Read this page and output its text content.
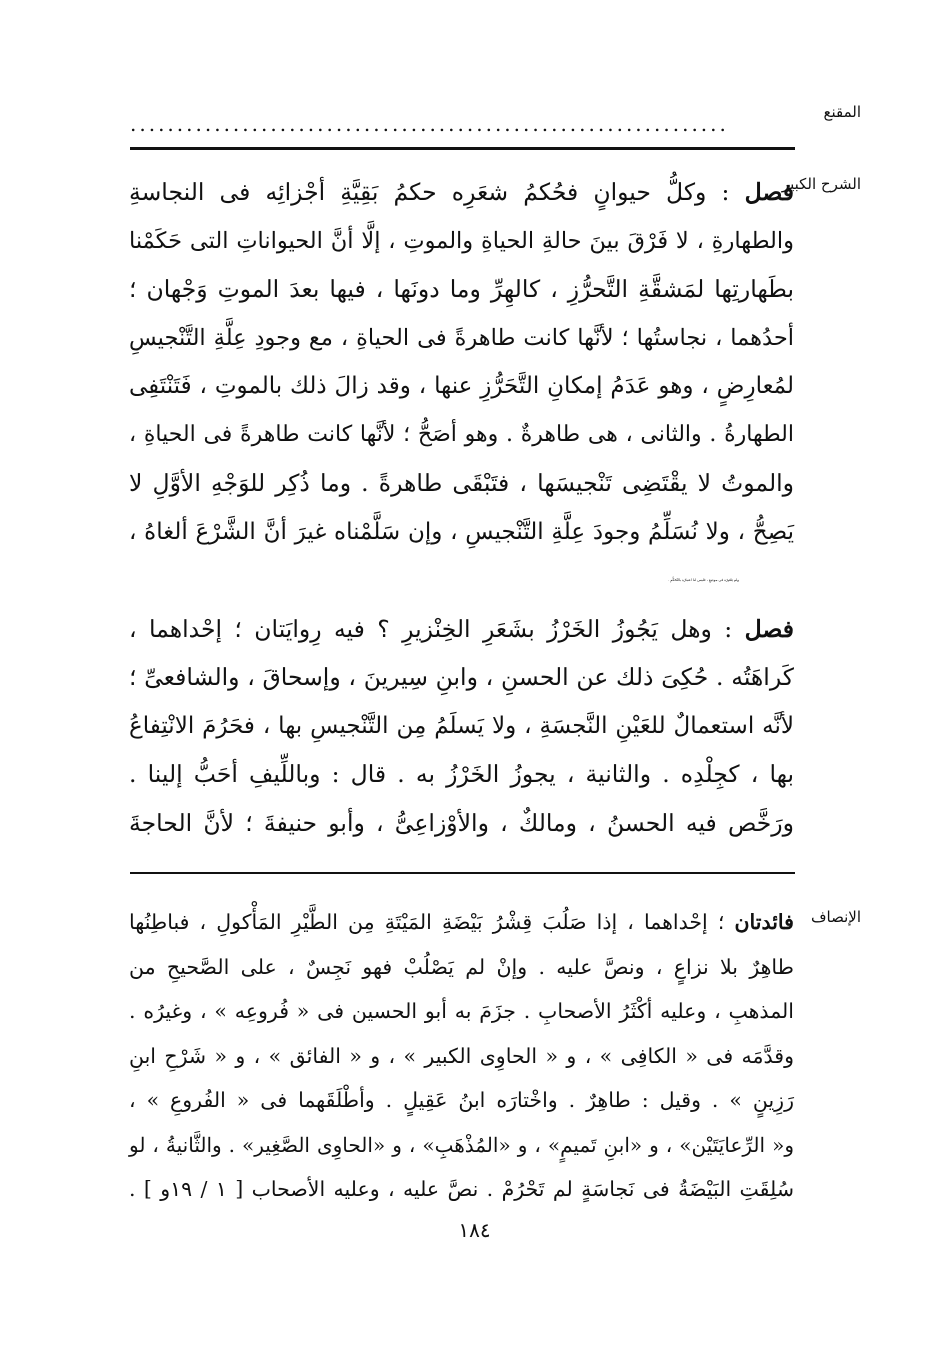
المقنع
................................................................
الشرح الكبير

فصل : وكلُّ حيوانٍ فحُكمُ شعَرِه حكمُ بَقِيَّةِ أجْزائِه فى النجاسةِ
والطهارةِ ، لا فَرْقَ بينَ حالةِ الحياةِ والموتِ ، إلَّا أنَّ الحيواناتِ التى حَكَمْنا
بطَهارتِها لمَشقَّةِ التَّحرُّزِ ، كالهِرِّ وما دونَها ، فيها بعدَ الموتِ وَجْهان ؛
أحدُهما ، نجاستُها ؛ لأنَّها كانت طاهرةً فى الحياةِ ، مع وجودِ عِلَّةِ التَّنْجيسِ
لمُعارِضٍ ، وهو عَدَمُ إمكانِ التَّحَرُّزِ عنها ، وقد زالَ ذلك بالموتِ ، فَتَنْتَفِى
الطهارةُ . والثانى ، هى طاهرةٌ . وهو أصَحُّ ؛ لأنَّها كانت طاهرةً فى الحياةِ ،
والموتُ لا يقْتَضِى تَنْجيسَها ، فتَبْقَى طاهرةً . وما ذُكِر للوَجْهِ الأوَّلِ لا
يَصِحُّ ، ولا نُسَلِّمُ وجودَ عِلَّةِ التَّنْجيسِ ، وإن سَلَّمْناه غيرَ أنَّ الشَّرْعَ ألغاهُ ،
ولم يَعْتَبِرْه فى موضِعٍ ، فليس لنا اعتبارُه بالتَّحَكُّمِ .

فصل : وهل يَجُوزُ الخَرْزُ بشَعَرِ الخِنْزيرِ ؟ فيه رِوايَتان ؛ إحْداهما ،
كَراهَتُه . حُكِىَ ذلك عن الحسنِ ، وابنِ سِيرينَ ، وإسحاقَ ، والشافعىِّ ؛
لأنَّه استعمالٌ للعَيْنِ النَّجسَةِ ، ولا يَسلَمُ مِن التَّنْجيسِ بها ، فحَرُمَ الانْتِفاعُ
بها ، كجِلْدِه . والثانية ، يجوزُ الخَرْزُ به . قال : وباللِّيفِ أحَبُّ إلينا .
ورَخَّص فيه الحسنُ ، ومالكٌ ، والأوْزاعِىُّ ، وأبو حنيفةَ ؛ لأنَّ الحاجةَ

الإنصاف

فائدتان ؛ إحْداهما ، إذا صَلُبَ قِشْرُ بَيْضَةِ المَيْتَةِ مِن الطَّيْرِ المَأْكولِ ، فباطِنُها
طاهِرٌ بلا نزاعٍ ، ونصَّ عليه . وإنْ لم يَصْلُبْ فهو نَجِسٌ ، على الصَّحيحِ من
المذهبِ ، وعليه أكْثَرُ الأصحابِ . جزَمَ به أبو الحسين فى « فُروعِه » ، وغيرُه .
وقدَّمَه فى « الكافِى » ، و « الحاوِى الكبير » ، و « الفائق » ، و « شَرْحِ ابنِ
رَزِينٍ » . وقيل : طاهِرٌ . واخْتارَه ابنُ عَقِيلٍ . وأطْلَقَهما فى « الفُروعِ » ،
و« الرِّعايَتَيْن» ، و «ابنِ تَميمٍ» ، و «المُذْهَبِ» ، و «الحاوِى الصَّغِير» . والثَّانيةُ ، لو
سُلِقَتِ البَيْضَةُ فى نَجاسَةٍ لم تَحْرُمْ . نصَّ عليه ، وعليه الأصحاب [ ١ / ١٩و ] .

١٨٤
